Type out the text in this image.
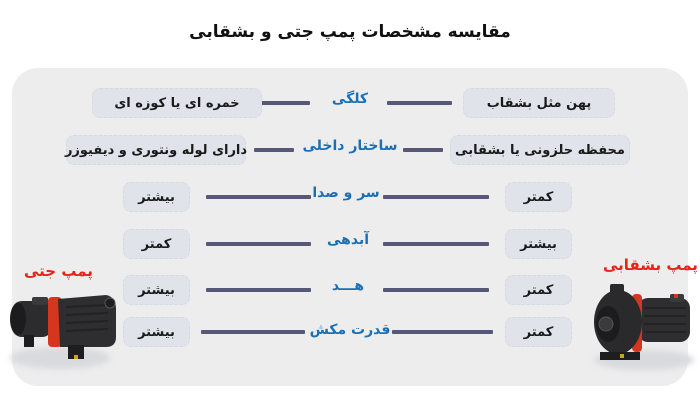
مقایسه مشخصات پمپ جتی و بشقابی
پهن مثل بشقاب
کلگی
خمره ای یا کوزه ای
محفظه حلزونی یا بشقابی
ساختار داخلی
دارای لوله ونتوری و دیفیوزر
کمتر
سر و صدا
بیشتر
بیشتر
آبدهی
کمتر
کمتر
هـــد
بیشتر
کمتر
قدرت مکش
بیشتر
پمپ جتی	پمپ بشقابی
